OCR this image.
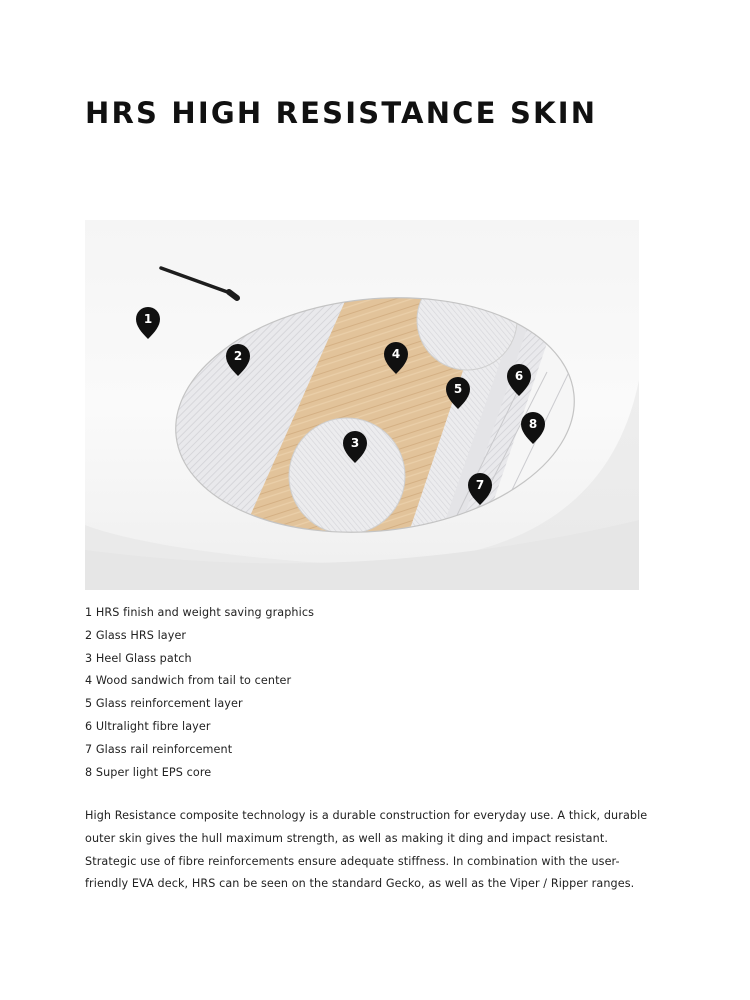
HRS HIGH RESISTANCE SKIN
1
2
3
4
5
6
7
8
1 HRS finish and weight saving graphics
2 Glass HRS layer
3 Heel Glass patch
4 Wood sandwich from tail to center
5 Glass reinforcement layer
6 Ultralight fibre layer
7 Glass rail reinforcement
8 Super light EPS core

High Resistance composite technology is a durable construction for everyday use. A thick, durable
outer skin gives the hull maximum strength, as well as making it ding and impact resistant.
Strategic use of fibre reinforcements ensure adequate stiffness. In combination with the user-
friendly EVA deck, HRS can be seen on the standard Gecko, as well as the Viper / Ripper ranges.
